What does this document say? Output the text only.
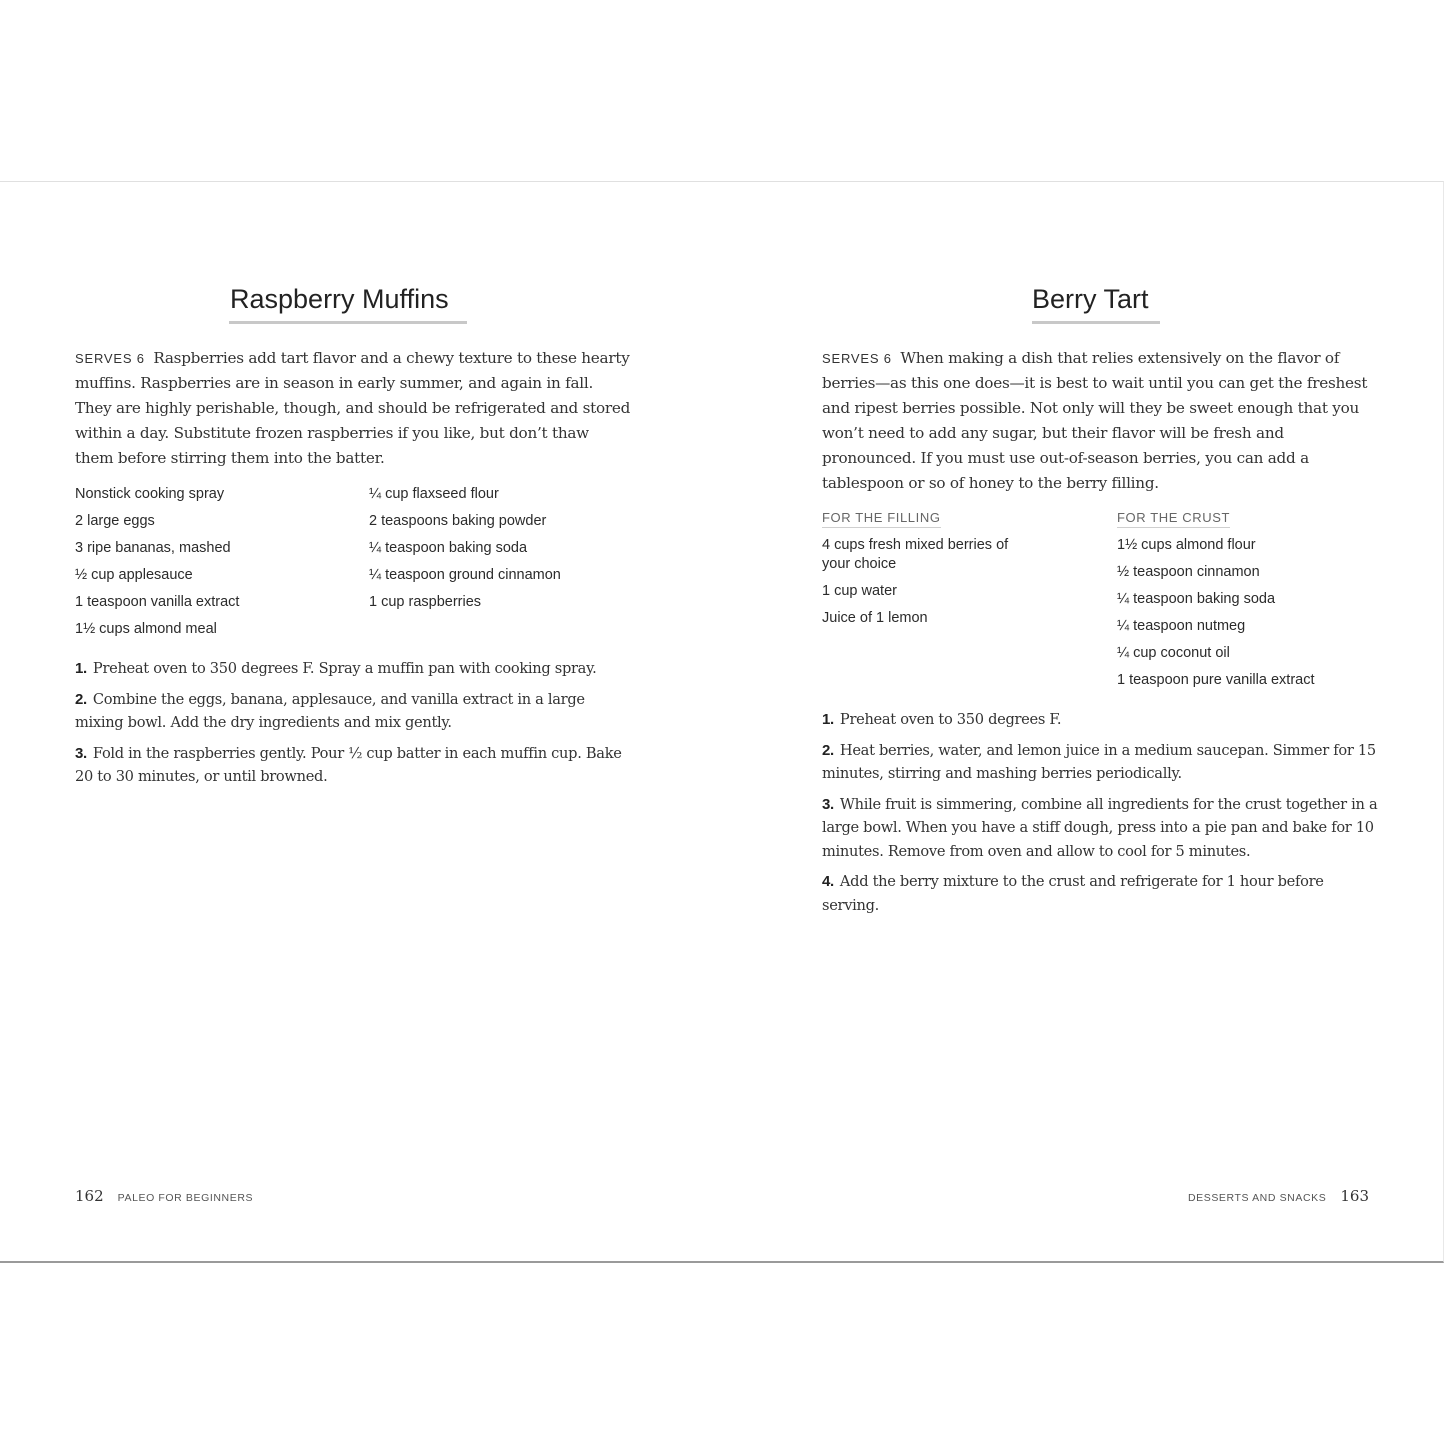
Raspberry Muffins
SERVES 6 Raspberries add tart flavor and a chewy texture to these hearty muffins. Raspberries are in season in early summer, and again in fall. They are highly perishable, though, and should be refrigerated and stored within a day. Substitute frozen raspberries if you like, but don’t thaw them before stirring them into the batter.
Nonstick cooking spray
2 large eggs
3 ripe bananas, mashed
½ cup applesauce
1 teaspoon vanilla extract
1½ cups almond meal
¼ cup flaxseed flour
2 teaspoons baking powder
¼ teaspoon baking soda
¼ teaspoon ground cinnamon
1 cup raspberries
1. Preheat oven to 350 degrees F. Spray a muffin pan with cooking spray.
2. Combine the eggs, banana, applesauce, and vanilla extract in a large mixing bowl. Add the dry ingredients and mix gently.
3. Fold in the raspberries gently. Pour ½ cup batter in each muffin cup. Bake 20 to 30 minutes, or until browned.
162 PALEO FOR BEGINNERS
Berry Tart
SERVES 6 When making a dish that relies extensively on the flavor of berries—as this one does—it is best to wait until you can get the freshest and ripest berries possible. Not only will they be sweet enough that you won’t need to add any sugar, but their flavor will be fresh and pronounced. If you must use out-of-season berries, you can add a tablespoon or so of honey to the berry filling.
FOR THE FILLING
4 cups fresh mixed berries of your choice
1 cup water
Juice of 1 lemon
FOR THE CRUST
1½ cups almond flour
½ teaspoon cinnamon
¼ teaspoon baking soda
¼ teaspoon nutmeg
¼ cup coconut oil
1 teaspoon pure vanilla extract
1. Preheat oven to 350 degrees F.
2. Heat berries, water, and lemon juice in a medium saucepan. Simmer for 15 minutes, stirring and mashing berries periodically.
3. While fruit is simmering, combine all ingredients for the crust together in a large bowl. When you have a stiff dough, press into a pie pan and bake for 10 minutes. Remove from oven and allow to cool for 5 minutes.
4. Add the berry mixture to the crust and refrigerate for 1 hour before serving.
DESSERTS AND SNACKS 163
